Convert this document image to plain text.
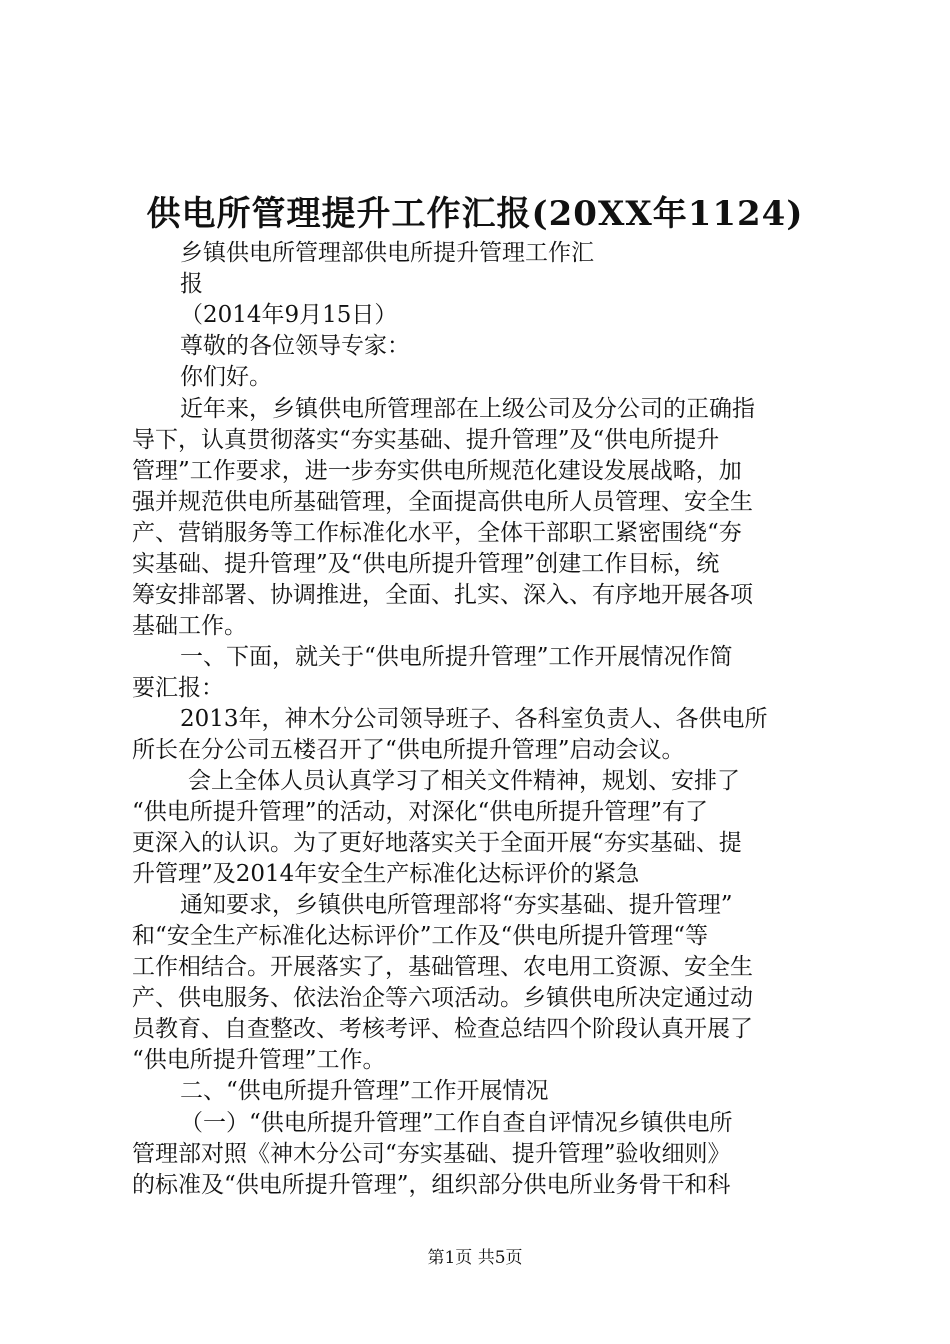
供电所管理提升工作汇报(20XX年1124)
乡镇供电所管理部供电所提升管理工作汇
报
（2014年9月15日）
尊敬的各位领导专家：
你们好。
近年来，乡镇供电所管理部在上级公司及分公司的正确指
导下，认真贯彻落实“夯实基础、提升管理”及“供电所提升
管理”工作要求，进一步夯实供电所规范化建设发展战略，加
强并规范供电所基础管理，全面提高供电所人员管理、安全生
产、营销服务等工作标准化水平，全体干部职工紧密围绕“夯
实基础、提升管理”及“供电所提升管理”创建工作目标，统
筹安排部署、协调推进，全面、扎实、深入、有序地开展各项
基础工作。
一、下面，就关于“供电所提升管理”工作开展情况作简
要汇报：
2013年，神木分公司领导班子、各科室负责人、各供电所
所长在分公司五楼召开了“供电所提升管理”启动会议。
会上全体人员认真学习了相关文件精神，规划、安排了
“供电所提升管理”的活动，对深化“供电所提升管理”有了
更深入的认识。为了更好地落实关于全面开展“夯实基础、提
升管理”及2014年安全生产标准化达标评价的紧急
通知要求，乡镇供电所管理部将“夯实基础、提升管理”
和“安全生产标准化达标评价”工作及“供电所提升管理“等
工作相结合。开展落实了，基础管理、农电用工资源、安全生
产、供电服务、依法治企等六项活动。乡镇供电所决定通过动
员教育、自查整改、考核考评、检查总结四个阶段认真开展了
“供电所提升管理”工作。
二、“供电所提升管理”工作开展情况
（一）“供电所提升管理”工作自查自评情况乡镇供电所
管理部对照《神木分公司“夯实基础、提升管理”验收细则》
的标准及“供电所提升管理”，组织部分供电所业务骨干和科
第1页 共5页
